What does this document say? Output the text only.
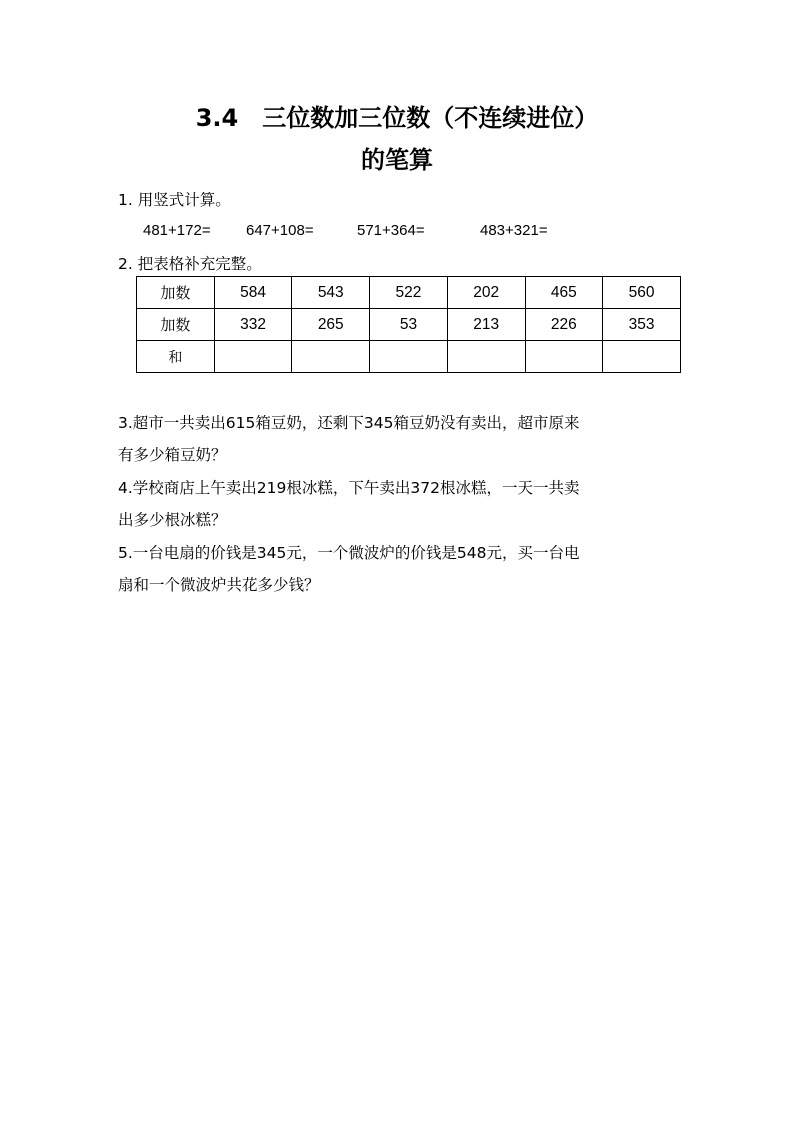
3.4　三位数加三位数（不连续进位）
的笔算
1. 用竖式计算。
481+172= 647+108=	571+364=	483+321=
2. 把表格补充完整。
加数	584	543	522	202	465	560
加数	332	265	53	213	226	353
和						
3.超市一共卖出615箱豆奶，还剩下345箱豆奶没有卖出，超市原来
有多少箱豆奶？
4.学校商店上午卖出219根冰糕，下午卖出372根冰糕，一天一共卖
出多少根冰糕？
5.一台电扇的价钱是345元，一个微波炉的价钱是548元，买一台电
扇和一个微波炉共花多少钱？
